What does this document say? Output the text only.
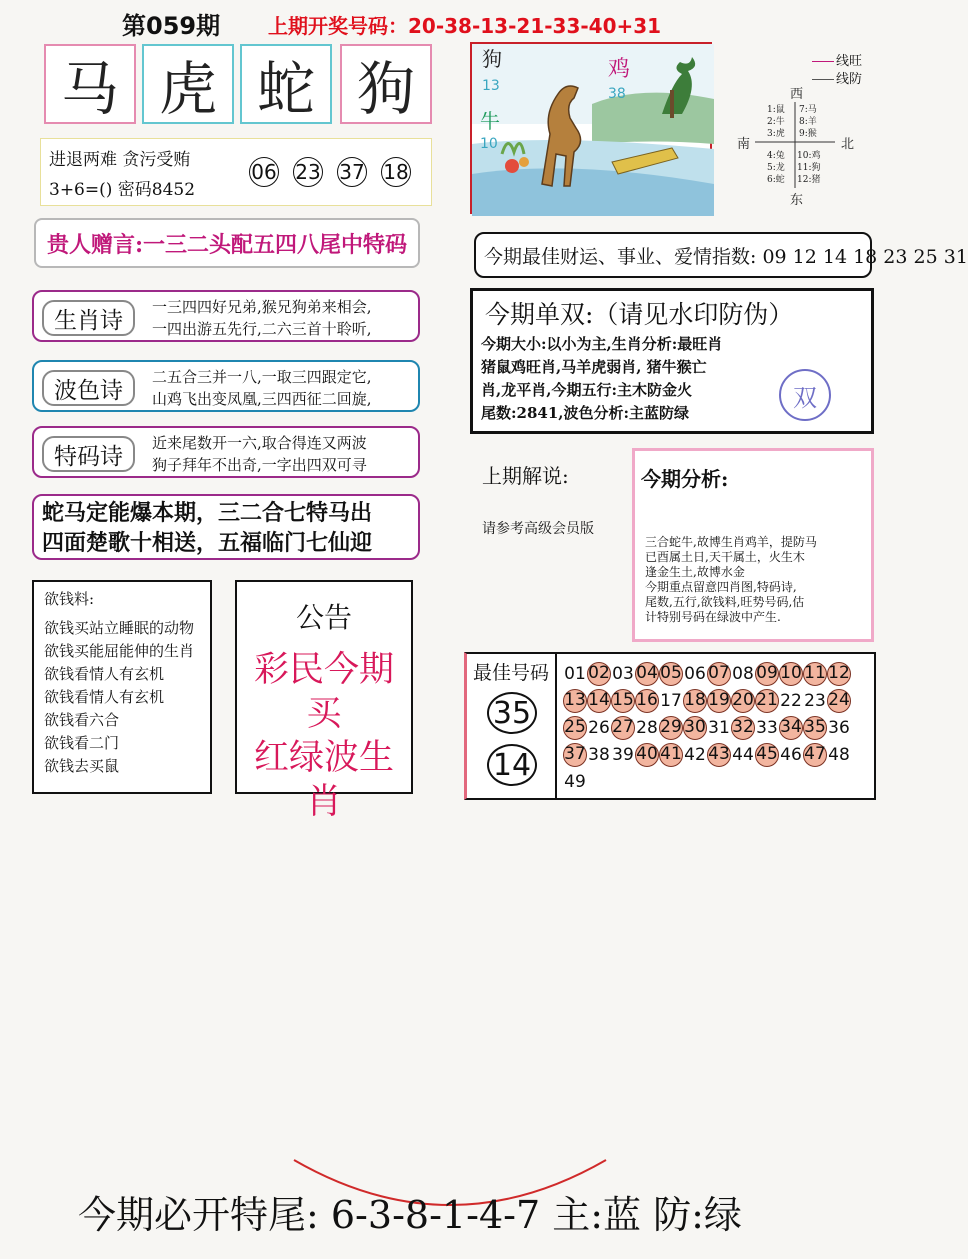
第059期 上期开奖号码：20-38-13-21-33-40+31
马 虎 蛇 狗
进退两难 贪污受贿
3+6=() 密码8452
06 23 37 18
贵人赠言:一三二头配五四八尾中特码
生肖诗
一三四四好兄弟,猴兄狗弟来相会,
一四出游五先行,二六三首十聆听,
波色诗
二五合三并一八,一取三四跟定它,
山鸡飞出变凤凰,三四西征二回旋,
特码诗
近来尾数开一六,取合得连又两波
狗子拜年不出奇,一字出四双可寻
蛇马定能爆本期，三二合七特马出
四面楚歌十相送，五福临门七仙迎
欲钱料:
欲钱买站立睡眠的动物
欲钱买能屈能伸的生肖
欲钱看情人有玄机
欲钱看情人有玄机
欲钱看六合
欲钱看二门
欲钱去买鼠
公告
彩民今期买
红绿波生肖
狗
13
鸡
38
牛
10
线旺
线防
西
南	北
东
1:鼠
2:牛
3:虎
7:马
8:羊
9:猴
4:兔
5:龙
6:蛇
10:鸡
11:狗
12:猪
今期最佳财运、事业、爱情指数: 09 12 14 18 23 25 31
今期单双:（请见水印防伪）
今期大小:以小为主,生肖分析:最旺肖
猪鼠鸡旺肖,马羊虎弱肖, 猪牛猴亡
肖,龙平肖,今期五行:主木防金火
尾数:2841,波色分析:主蓝防绿
双
上期解说:
请参考高级会员版
今期分析:
三合蛇牛,故博生肖鸡羊，提防马
已酉属土日,天干属土，火生木
逢金生土,故博水金
今期重点留意四肖图,特码诗,
尾数,五行,欲钱料,旺势号码,估
计特别号码在绿波中产生.
最佳号码
35
14
01 02 03 04 05 06 07 08 09 10 11 12
13 14 15 16 17 18 19 20 21 22 23 24
25 26 27 28 29 30 31 32 33 34 35 36
37 38 39 40 41 42 43 44 45 46 47 48
49
今期必开特尾: 6-3-8-1-4-7 主:蓝 防:绿
